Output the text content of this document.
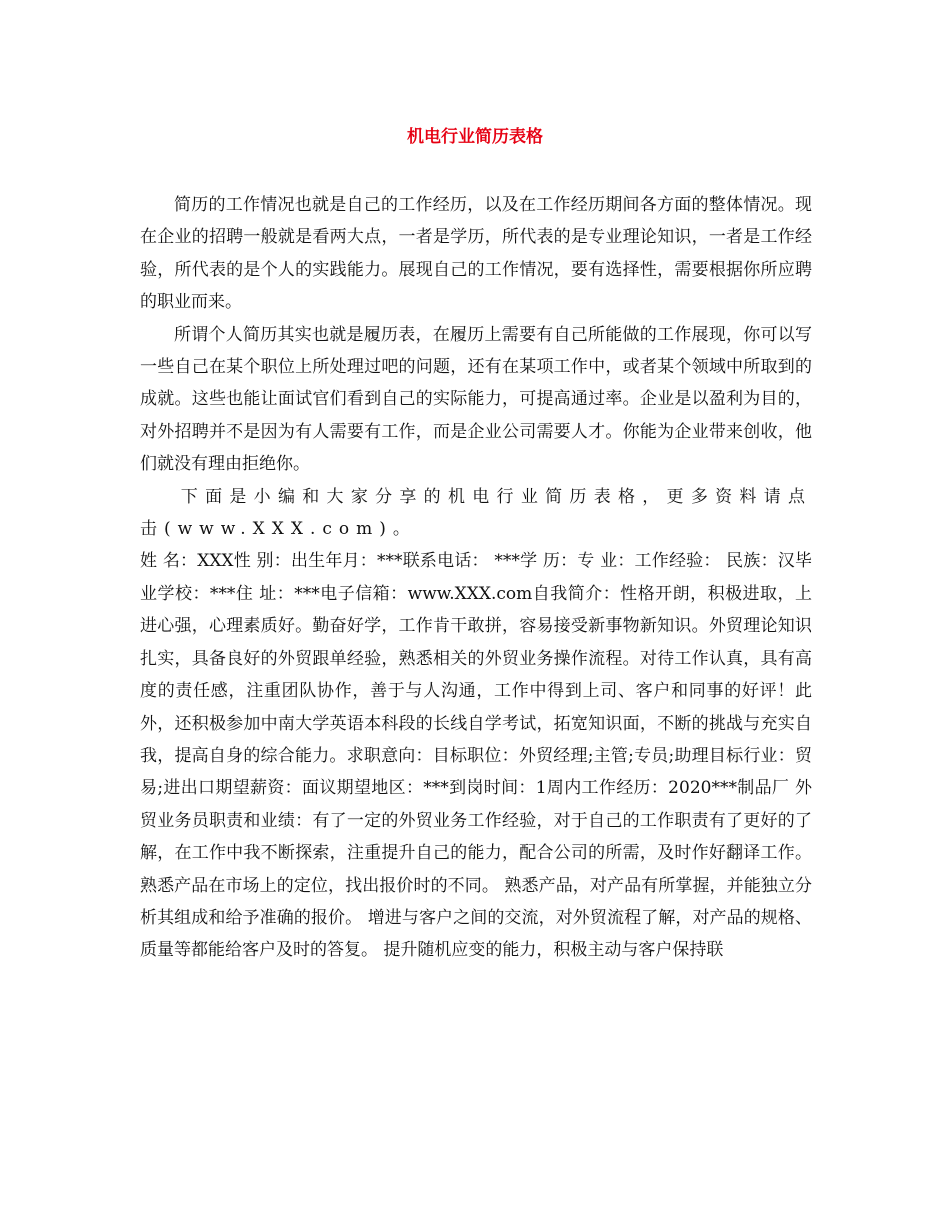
机电行业简历表格

简历的工作情况也就是自己的工作经历，以及在工作经历期间各方面的整体情况。现在企业的招聘一般就是看两大点，一者是学历，所代表的是专业理论知识，一者是工作经验，所代表的是个人的实践能力。展现自己的工作情况，要有选择性，需要根据你所应聘的职业而来。

所谓个人简历其实也就是履历表，在履历上需要有自己所能做的工作展现，你可以写一些自己在某个职位上所处理过吧的问题，还有在某项工作中，或者某个领域中所取到的成就。这些也能让面试官们看到自己的实际能力，可提高通过率。企业是以盈利为目的，对外招聘并不是因为有人需要有工作，而是企业公司需要人才。你能为企业带来创收，他们就没有理由拒绝你。

下面是小编和大家分享的机电行业简历表格，更多资料请点击(www.XXX.com)。

姓 名：XXX性 别：出生年月：***联系电话： ***学 历：专 业：工作经验： 民族：汉毕业学校：***住 址：***电子信箱：www.XXX.com自我简介：性格开朗，积极进取，上进心强，心理素质好。勤奋好学，工作肯干敢拼，容易接受新事物新知识。外贸理论知识扎实，具备良好的外贸跟单经验，熟悉相关的外贸业务操作流程。对待工作认真，具有高度的责任感，注重团队协作，善于与人沟通，工作中得到上司、客户和同事的好评！此外，还积极参加中南大学英语本科段的长线自学考试，拓宽知识面，不断的挑战与充实自我，提高自身的综合能力。求职意向：目标职位：外贸经理;主管;专员;助理目标行业：贸易;进出口期望薪资：面议期望地区：***到岗时间：1周内工作经历：2020***制品厂 外贸业务员职责和业绩：有了一定的外贸业务工作经验，对于自己的工作职责有了更好的了解，在工作中我不断探索，注重提升自己的能力，配合公司的所需，及时作好翻译工作。熟悉产品在市场上的定位，找出报价时的不同。 熟悉产品，对产品有所掌握，并能独立分析其组成和给予准确的报价。 增进与客户之间的交流，对外贸流程了解，对产品的规格、质量等都能给客户及时的答复。 提升随机应变的能力，积极主动与客户保持联
